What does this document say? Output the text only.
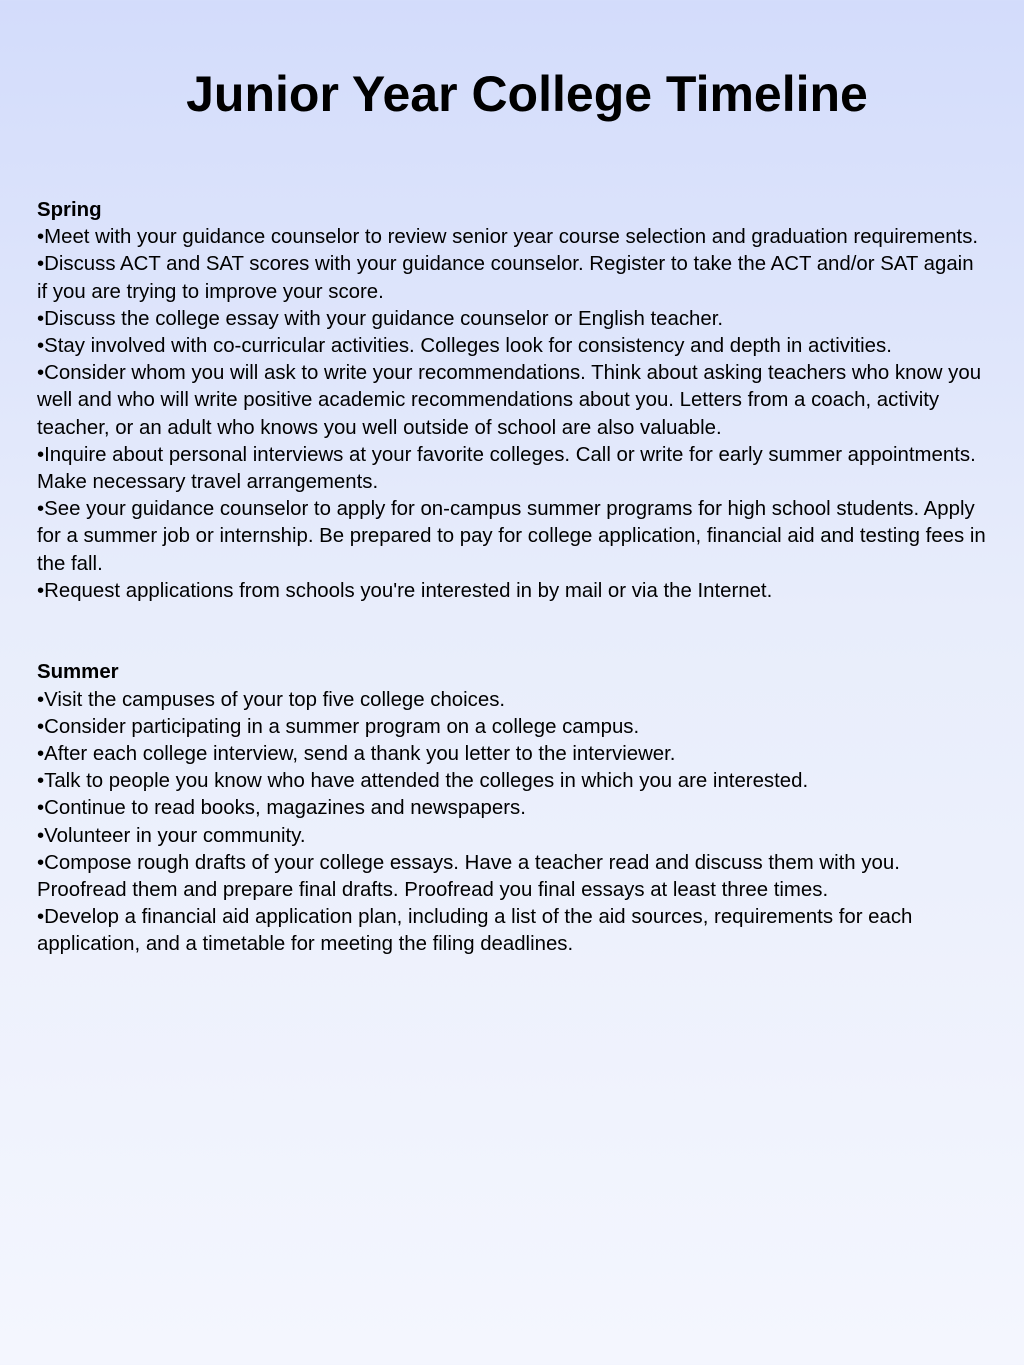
Junior Year College Timeline

Spring

•Meet with your guidance counselor to review senior year course selection and graduation requirements.
•Discuss ACT and SAT scores with your guidance counselor. Register to take the ACT and/or SAT again if you are trying to improve your score.
•Discuss the college essay with your guidance counselor or English teacher.
•Stay involved with co-curricular activities. Colleges look for consistency and depth in activities.
•Consider whom you will ask to write your recommendations. Think about asking teachers who know you well and who will write positive academic recommendations about you. Letters from a coach, activity teacher, or an adult who knows you well outside of school are also valuable.
•Inquire about personal interviews at your favorite colleges. Call or write for early summer appointments. Make necessary travel arrangements.
•See your guidance counselor to apply for on-campus summer programs for high school students. Apply for a summer job or internship. Be prepared to pay for college application, financial aid and testing fees in the fall.
•Request applications from schools you're interested in by mail or via the Internet.

Summer

•Visit the campuses of your top five college choices.
•Consider participating in a summer program on a college campus.
•After each college interview, send a thank you letter to the interviewer.
•Talk to people you know who have attended the colleges in which you are interested.
•Continue to read books, magazines and newspapers.
•Volunteer in your community.
•Compose rough drafts of your college essays. Have a teacher read and discuss them with you. Proofread them and prepare final drafts. Proofread you final essays at least three times.
•Develop a financial aid application plan, including a list of the aid sources, requirements for each application, and a timetable for meeting the filing deadlines.
